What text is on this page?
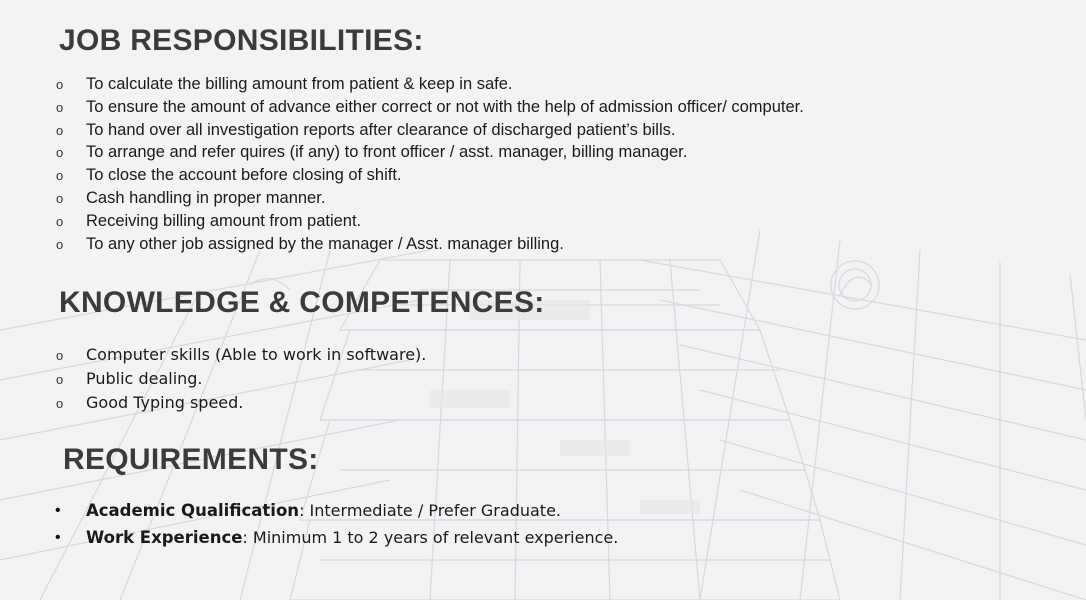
JOB RESPONSIBILITIES:
o To calculate the billing amount from patient & keep in safe.
o To ensure the amount of advance either correct or not with the help of admission officer/ computer.
o To hand over all investigation reports after clearance of discharged patient’s bills.
o To arrange and refer quires (if any) to front officer / asst. manager, billing manager.
o To close the account before closing of shift.
o Cash handling in proper manner.
o Receiving billing amount from patient.
o To any other job assigned by the manager / Asst. manager billing.
KNOWLEDGE & COMPETENCES:
o Computer skills (Able to work in software).
o Public dealing.
o Good Typing speed.
REQUIREMENTS:
• Academic Qualification: Intermediate / Prefer Graduate.
• Work Experience: Minimum 1 to 2 years of relevant experience.
